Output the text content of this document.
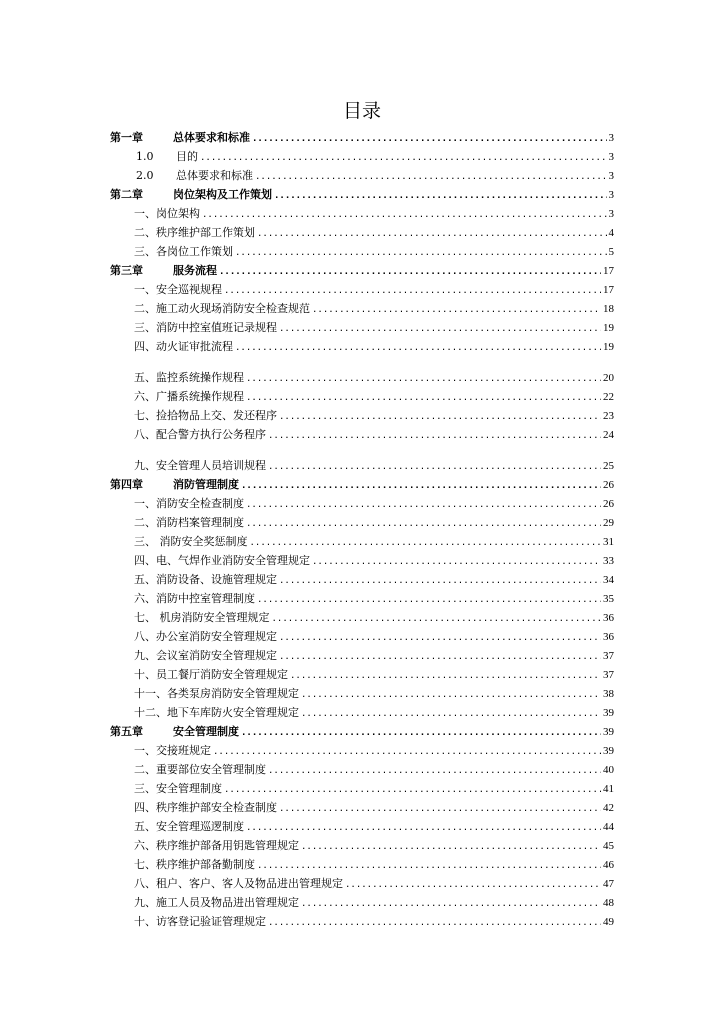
目录
第一章	总体要求和标准 .....	3
1.0	目的 .....	3
2.0	总体要求和标准 .....	3
第二章	岗位架构及工作策划 .....	3
一、岗位架构 .....	3
二、秩序维护部工作策划 .....	4
三、各岗位工作策划 .....	5
第三章	服务流程 .....	17
一、安全巡视规程 .....	17
二、施工动火现场消防安全检查规范 .....	18
三、消防中控室值班记录规程 .....	19
四、动火证审批流程 .....	19
五、监控系统操作规程 .....	20
六、广播系统操作规程 .....	22
七、捡拾物品上交、发还程序 .....	23
八、配合警方执行公务程序 .....	24
九、安全管理人员培训规程 .....	25
第四章	消防管理制度 .....	26
一、消防安全检查制度 .....	26
二、消防档案管理制度 .....	29
三、 消防安全奖惩制度 .....	31
四、电、气焊作业消防安全管理规定 .....	33
五、消防设备、设施管理规定 .....	34
六、消防中控室管理制度 .....	35
七、 机房消防安全管理规定 .....	36
八、办公室消防安全管理规定 .....	36
九、会议室消防安全管理规定 .....	37
十、员工餐厅消防安全管理规定 .....	37
十一、各类泵房消防安全管理规定 .....	38
十二、地下车库防火安全管理规定 .....	39
第五章	安全管理制度 .....	39
一、交接班规定 .....	39
二、重要部位安全管理制度 .....	40
三、安全管理制度 .....	41
四、秩序维护部安全检查制度 .....	42
五、安全管理巡逻制度 .....	44
六、秩序维护部备用钥匙管理规定 .....	45
七、秩序维护部备勤制度 .....	46
八、租户、客户、客人及物品进出管理规定 .....	47
九、施工人员及物品进出管理规定 .....	48
十、访客登记验证管理规定 .....	49
